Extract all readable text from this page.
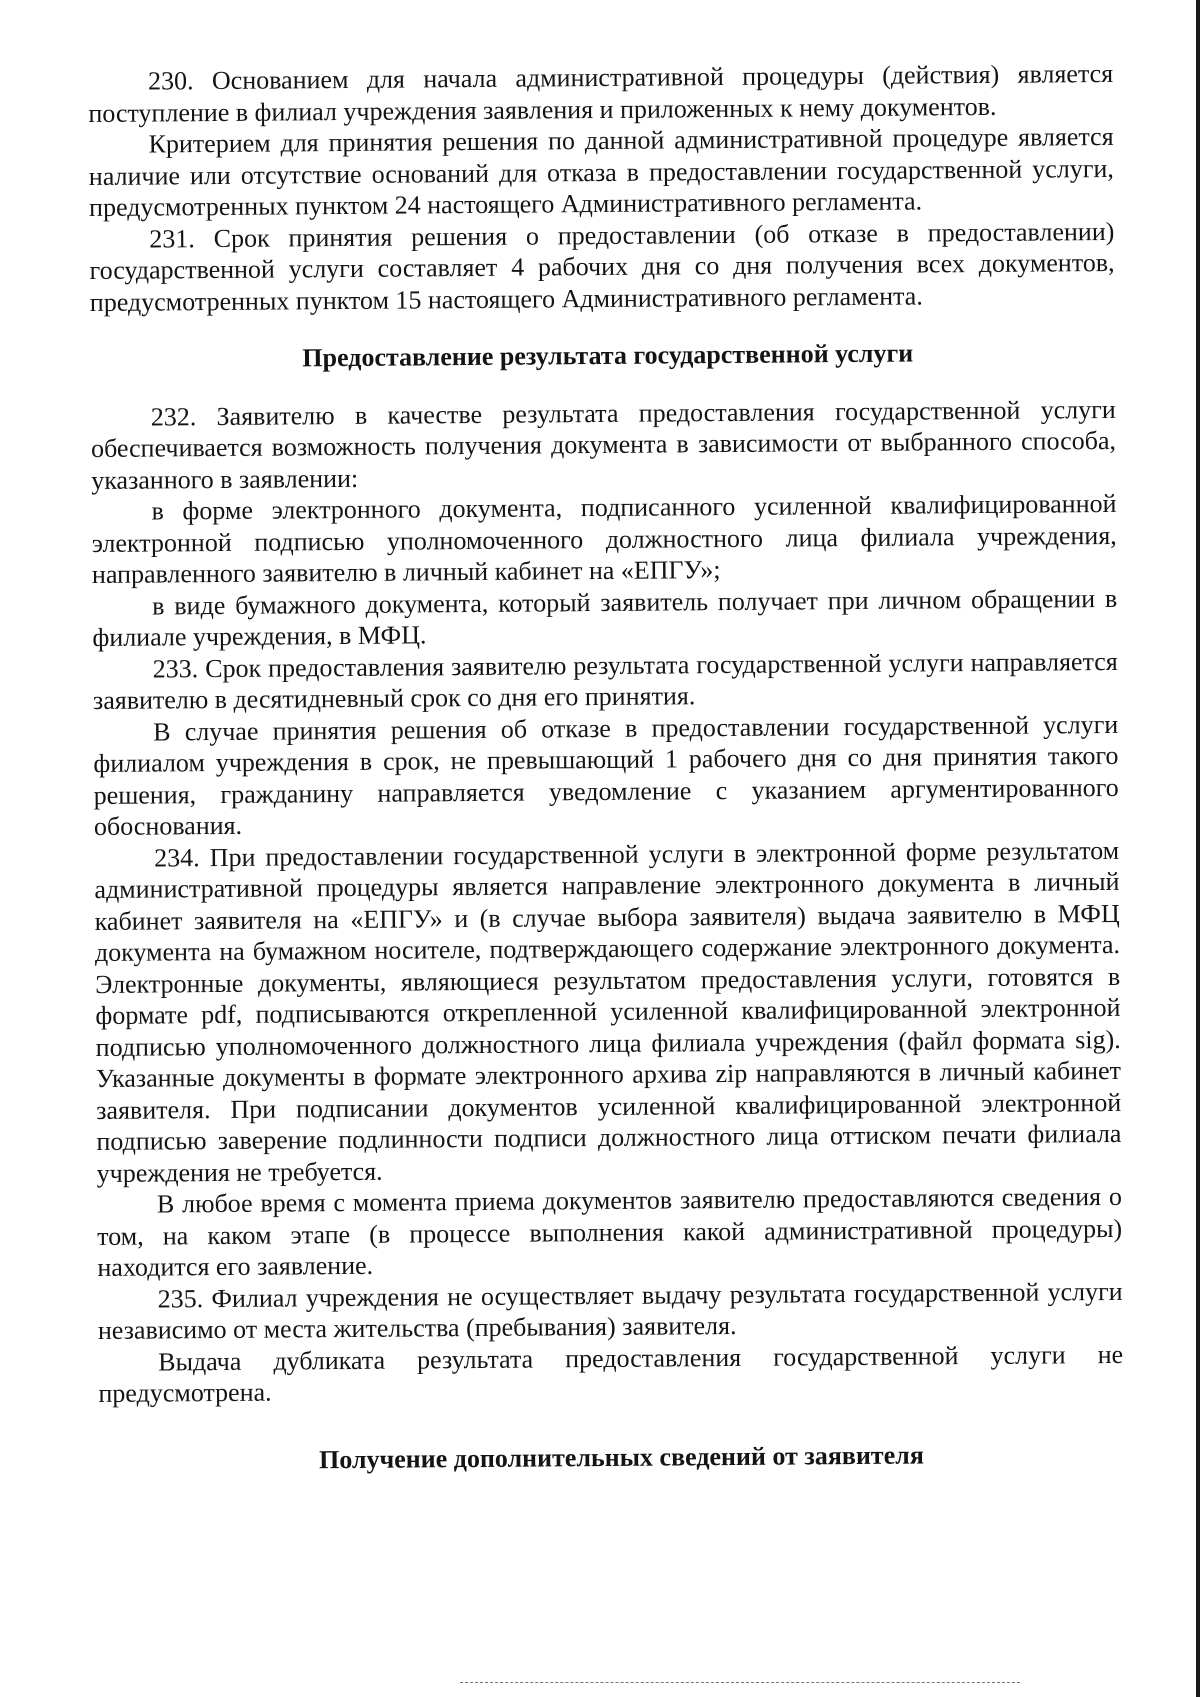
230. Основанием для начала административной процедуры (действия) является поступление в филиал учреждения заявления и приложенных к нему документов.

Критерием для принятия решения по данной административной процедуре является наличие или отсутствие оснований для отказа в предоставлении государственной услуги, предусмотренных пунктом 24 настоящего Административного регламента.

231. Срок принятия решения о предоставлении (об отказе в предоставлении) государственной услуги составляет 4 рабочих дня со дня получения всех документов, предусмотренных пунктом 15 настоящего Административного регламента.

Предоставление результата государственной услуги

232. Заявителю в качестве результата предоставления государственной услуги обеспечивается возможность получения документа в зависимости от выбранного способа, указанного в заявлении:

в форме электронного документа, подписанного усиленной квалифицированной электронной подписью уполномоченного должностного лица филиала учреждения, направленного заявителю в личный кабинет на «ЕПГУ»;

в виде бумажного документа, который заявитель получает при личном обращении в филиале учреждения, в МФЦ.

233. Срок предоставления заявителю результата государственной услуги направляется заявителю в десятидневный срок со дня его принятия.

В случае принятия решения об отказе в предоставлении государственной услуги филиалом учреждения в срок, не превышающий 1 рабочего дня со дня принятия такого решения, гражданину направляется уведомление с указанием аргументированного обоснования.

234. При предоставлении государственной услуги в электронной форме результатом административной процедуры является направление электронного документа в личный кабинет заявителя на «ЕПГУ» и (в случае выбора заявителя) выдача заявителю в МФЦ документа на бумажном носителе, подтверждающего содержание электронного документа. Электронные документы, являющиеся результатом предоставления услуги, готовятся в формате pdf, подписываются открепленной усиленной квалифицированной электронной подписью уполномоченного должностного лица филиала учреждения (файл формата sig). Указанные документы в формате электронного архива zip направляются в личный кабинет заявителя. При подписании документов усиленной квалифицированной электронной подписью заверение подлинности подписи должностного лица оттиском печати филиала учреждения не требуется.

В любое время с момента приема документов заявителю предоставляются сведения о том, на каком этапе (в процессе выполнения какой административной процедуры) находится его заявление.

235. Филиал учреждения не осуществляет выдачу результата государственной услуги независимо от места жительства (пребывания) заявителя.

Выдача дубликата результата предоставления государственной услуги не предусмотрена.

Получение дополнительных сведений от заявителя
